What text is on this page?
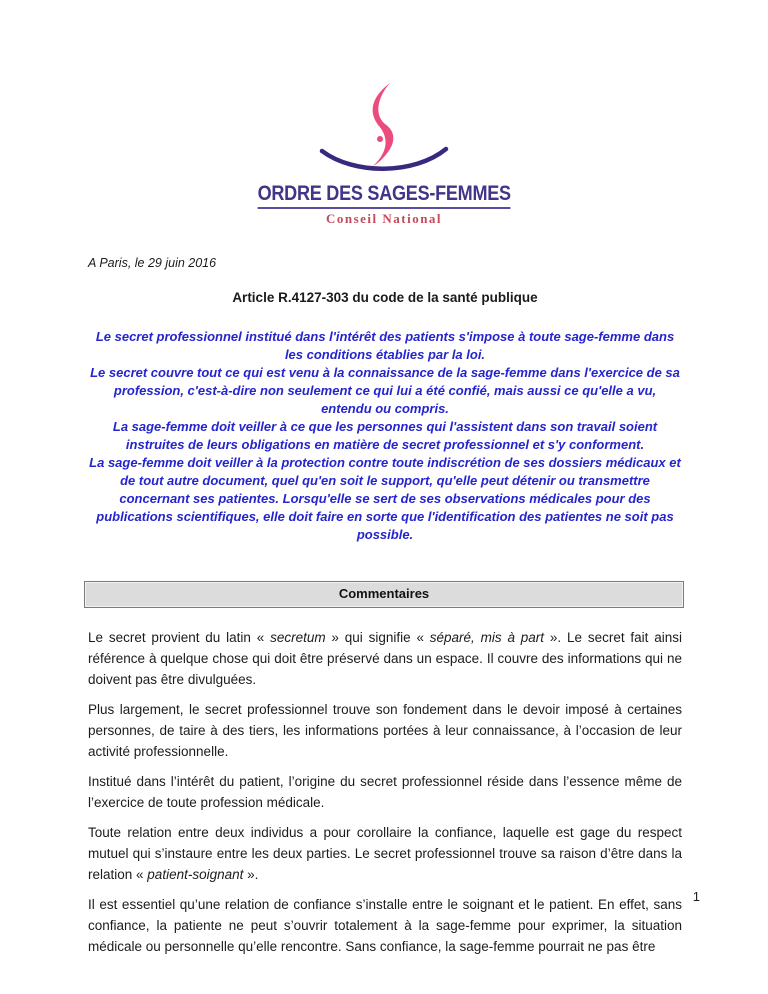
ORDRE DES SAGES-FEMMES
Conseil National

A Paris, le 29 juin 2016

Article R.4127-303 du code de la santé publique

Le secret professionnel institué dans l'intérêt des patients s'impose à toute sage-femme dans les conditions établies par la loi.

Le secret couvre tout ce qui est venu à la connaissance de la sage-femme dans l'exercice de sa profession, c'est-à-dire non seulement ce qui lui a été confié, mais aussi ce qu'elle a vu, entendu ou compris.

La sage-femme doit veiller à ce que les personnes qui l'assistent dans son travail soient instruites de leurs obligations en matière de secret professionnel et s'y conforment.

La sage-femme doit veiller à la protection contre toute indiscrétion de ses dossiers médicaux et de tout autre document, quel qu'en soit le support, qu'elle peut détenir ou transmettre concernant ses patientes. Lorsqu'elle se sert de ses observations médicales pour des publications scientifiques, elle doit faire en sorte que l'identification des patientes ne soit pas possible.

Commentaires

Le secret provient du latin « secretum » qui signifie « séparé, mis à part ». Le secret fait ainsi référence à quelque chose qui doit être préservé dans un espace. Il couvre des informations qui ne doivent pas être divulguées.

Plus largement, le secret professionnel trouve son fondement dans le devoir imposé à certaines personnes, de taire à des tiers, les informations portées à leur connaissance, à l’occasion de leur activité professionnelle.

Institué dans l’intérêt du patient, l’origine du secret professionnel réside dans l’essence même de l’exercice de toute profession médicale.

Toute relation entre deux individus a pour corollaire la confiance, laquelle est gage du respect mutuel qui s’instaure entre les deux parties. Le secret professionnel trouve sa raison d’être dans la relation « patient-soignant ».

Il est essentiel qu’une relation de confiance s’installe entre le soignant et le patient. En effet, sans confiance, la patiente ne peut s’ouvrir totalement à la sage-femme pour exprimer, la situation médicale ou personnelle qu’elle rencontre. Sans confiance, la sage-femme pourrait ne pas être

1
